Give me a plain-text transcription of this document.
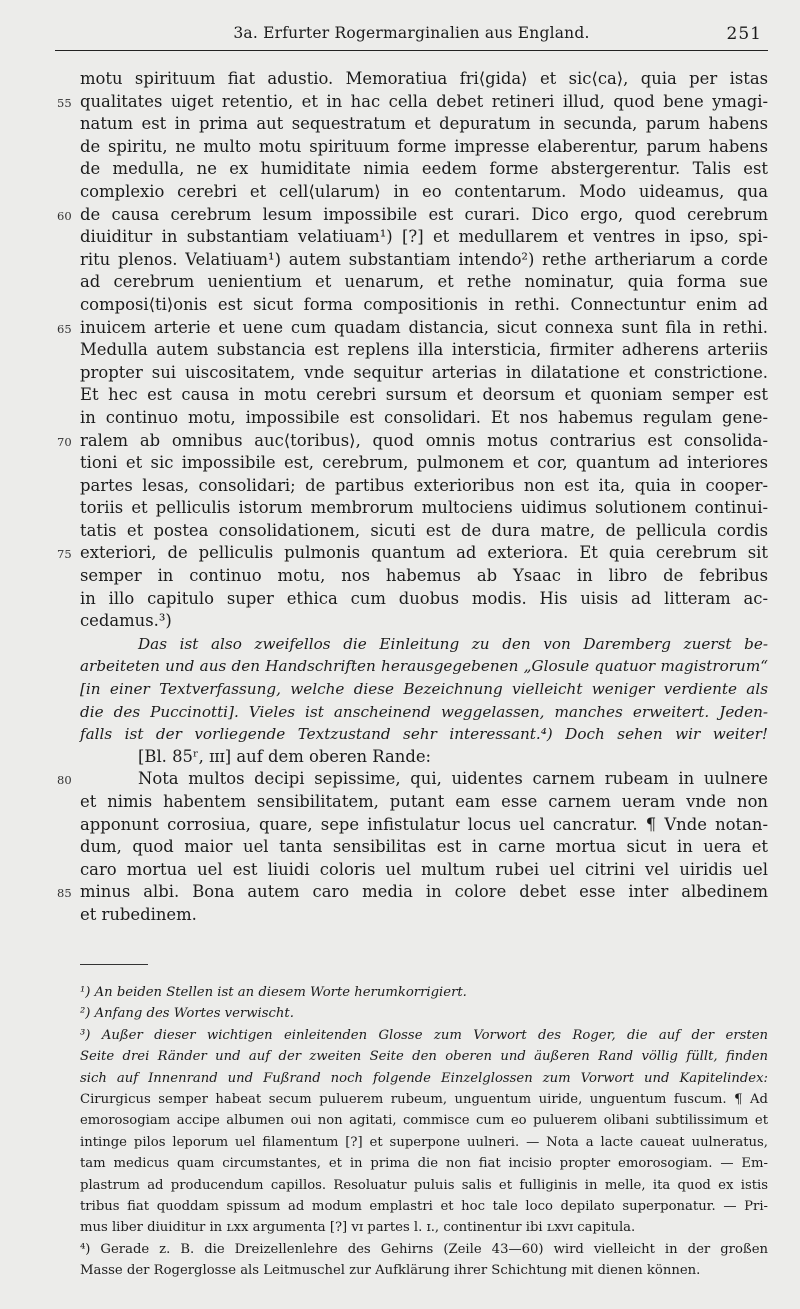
3a. Erfurter Rogermarginalien aus England.	251
motu spirituum fiat adustio. Memoratiua fri⟨gida⟩ et sic⟨ca⟩, quia per istas
55 qualitates uiget retentio, et in hac cella debet retineri illud, quod bene ymagi-
natum est in prima aut sequestratum et depuratum in secunda, parum habens
de spiritu, ne multo motu spirituum forme impresse elaberentur, parum habens
de medulla, ne ex humiditate nimia eedem forme abstergerentur. Talis est
complexio cerebri et cell⟨ularum⟩ in eo contentarum. Modo uideamus, qua
60 de causa cerebrum lesum impossibile est curari. Dico ergo, quod cerebrum
diuiditur in substantiam velatiuam¹) [?] et medullarem et ventres in ipso, spi-
ritu plenos. Velatiuam¹) autem substantiam intendo²) rethe artheriarum a corde
ad cerebrum uenientium et uenarum, et rethe nominatur, quia forma sue
composi⟨ti⟩onis est sicut forma compositionis in rethi. Connectuntur enim ad
65 inuicem arterie et uene cum quadam distancia, sicut connexa sunt fila in rethi.
Medulla autem substancia est replens illa intersticia, firmiter adherens arteriis
propter sui uiscositatem, vnde sequitur arterias in dilatatione et constrictione.
Et hec est causa in motu cerebri sursum et deorsum et quoniam semper est
in continuo motu, impossibile est consolidari. Et nos habemus regulam gene-
70 ralem ab omnibus auc⟨toribus⟩, quod omnis motus contrarius est consolida-
tioni et sic impossibile est, cerebrum, pulmonem et cor, quantum ad interiores
partes lesas, consolidari; de partibus exterioribus non est ita, quia in cooper-
toriis et pelliculis istorum membrorum multociens uidimus solutionem continui-
tatis et postea consolidationem, sicuti est de dura matre, de pellicula cordis
75 exteriori, de pelliculis pulmonis quantum ad exteriora. Et quia cerebrum sit
semper in continuo motu, nos habemus ab Ysaac in libro de febribus
in illo capitulo super ethica cum duobus modis. His uisis ad litteram ac-
cedamus.³)
Das ist also zweifellos die Einleitung zu den von Daremberg zuerst be-
arbeiteten und aus den Handschriften herausgegebenen „Glosule quatuor magistrorum“
[in einer Textverfassung, welche diese Bezeichnung vielleicht weniger verdiente als
die des Puccinotti]. Vieles ist anscheinend weggelassen, manches erweitert. Jeden-
falls ist der vorliegende Textzustand sehr interessant.⁴) Doch sehen wir weiter!
[Bl. 85ʳ, ɪɪɪ] auf dem oberen Rande:
80	Nota multos decipi sepissime, qui, uidentes carnem rubeam in uulnere
et nimis habentem sensibilitatem, putant eam esse carnem ueram vnde non
apponunt corrosiua, quare, sepe infistulatur locus uel cancratur. ¶ Vnde notan-
dum, quod maior uel tanta sensibilitas est in carne mortua sicut in uera et
caro mortua uel est liuidi coloris uel multum rubei uel citrini vel uiridis uel
85 minus albi. Bona autem caro media in colore debet esse inter albedinem
et rubedinem.
¹) An beiden Stellen ist an diesem Worte herumkorrigiert.
²) Anfang des Wortes verwischt.
³) Außer dieser wichtigen einleitenden Glosse zum Vorwort des Roger, die auf der ersten
Seite drei Ränder und auf der zweiten Seite den oberen und äußeren Rand völlig füllt, finden
sich auf Innenrand und Fußrand noch folgende Einzelglossen zum Vorwort und Kapitelindex:
Cirurgicus semper habeat secum puluerem rubeum, unguentum uiride, unguentum fuscum. ¶ Ad
emorosogiam accipe albumen oui non agitati, commisce cum eo puluerem olibani subtilissimum et
intinge pilos leporum uel filamentum [?] et superpone uulneri. — Nota a lacte caueat uulneratus,
tam medicus quam circumstantes, et in prima die non fiat incisio propter emorosogiam. — Em-
plastrum ad producendum capillos. Resoluatur puluis salis et fulliginis in melle, ita quod ex istis
tribus fiat quoddam spissum ad modum emplastri et hoc tale loco depilato superponatur. — Pri-
mus liber diuiditur in ʟxx argumenta [?] vɪ partes l. ɪ., continentur ibi ʟxvɪ capitula.
⁴) Gerade z. B. die Dreizellenlehre des Gehirns (Zeile 43—60) wird vielleicht in der großen
Masse der Rogerglosse als Leitmuschel zur Aufklärung ihrer Schichtung mit dienen können.
